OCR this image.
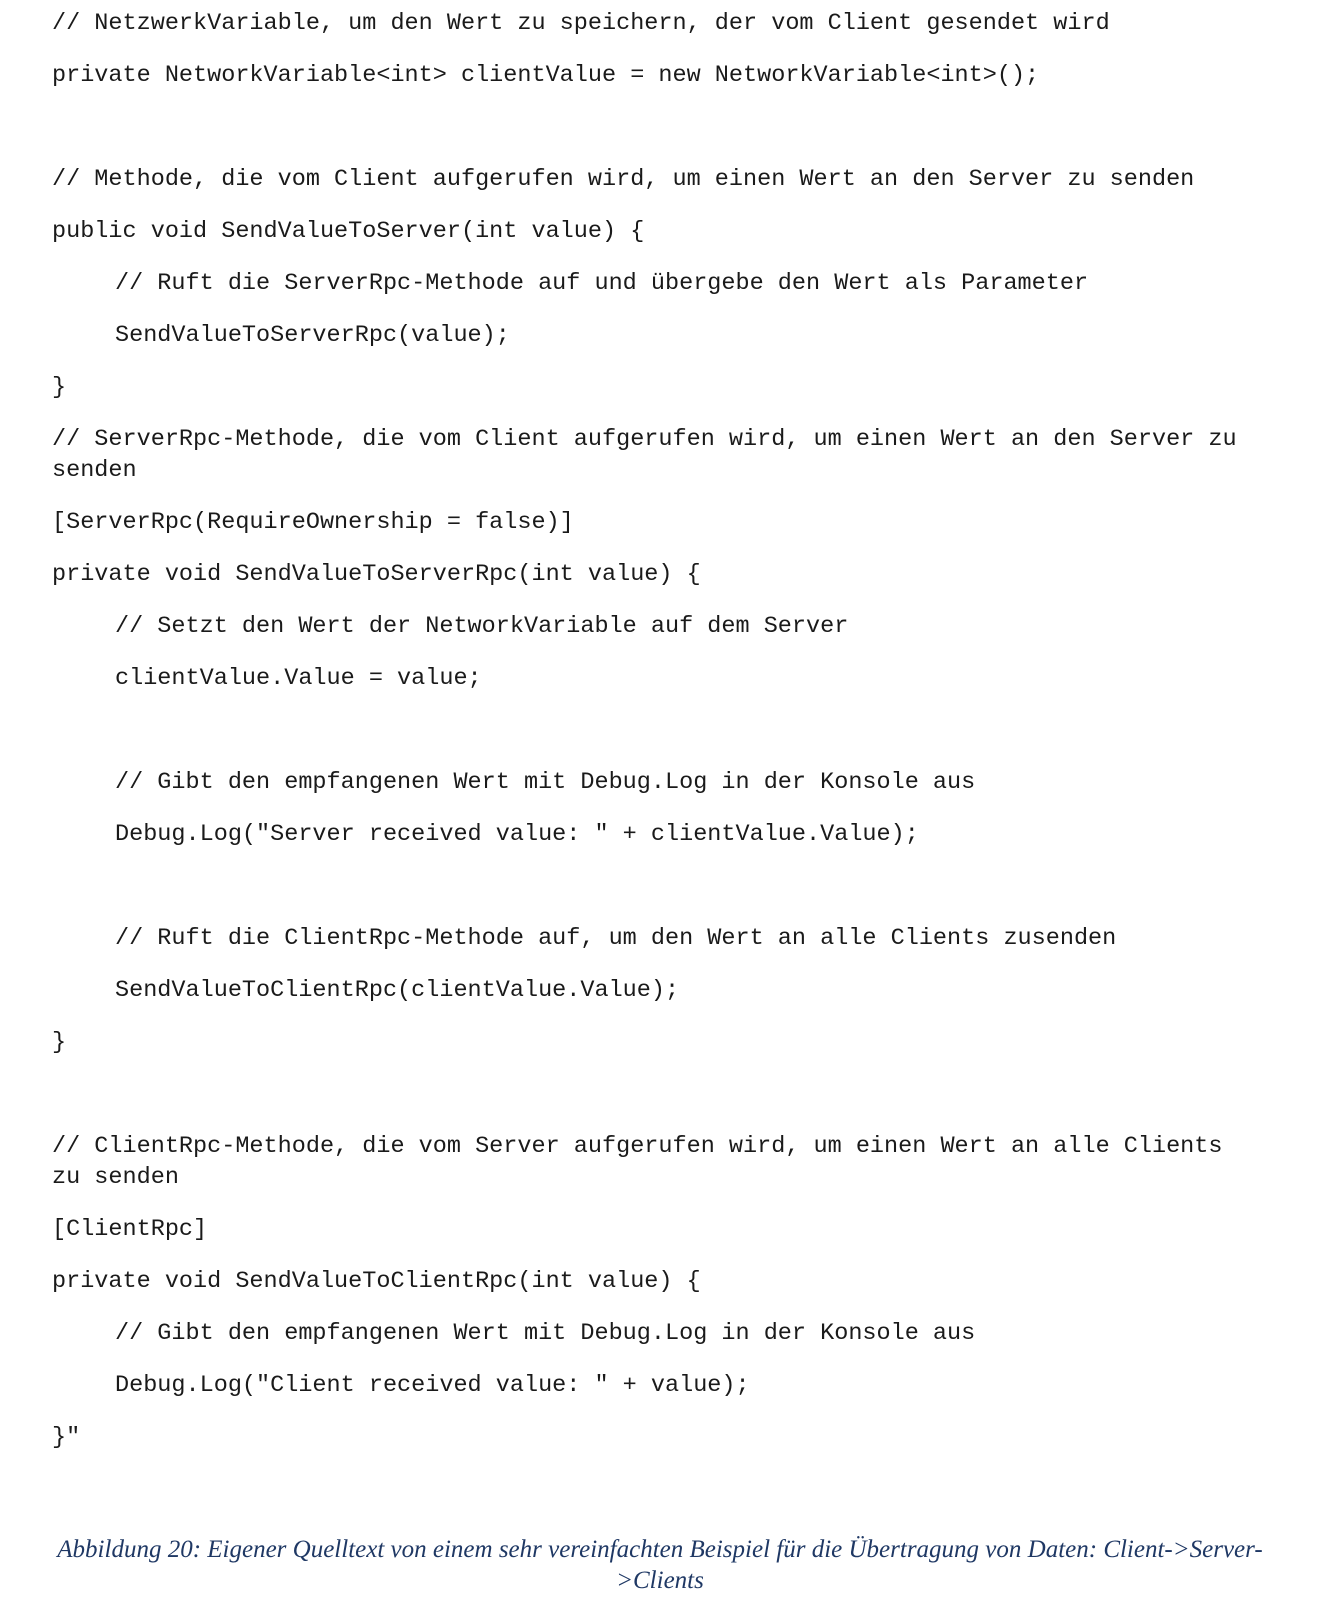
// NetzwerkVariable, um den Wert zu speichern, der vom Client gesendet wird
private NetworkVariable<int> clientValue = new NetworkVariable<int>();
// Methode, die vom Client aufgerufen wird, um einen Wert an den Server zu senden
public void SendValueToServer(int value) {
// Ruft die ServerRpc-Methode auf und übergebe den Wert als Parameter
SendValueToServerRpc(value);
}
// ServerRpc-Methode, die vom Client aufgerufen wird, um einen Wert an den Server zu senden
[ServerRpc(RequireOwnership = false)]
private void SendValueToServerRpc(int value) {
// Setzt den Wert der NetworkVariable auf dem Server
clientValue.Value = value;
// Gibt den empfangenen Wert mit Debug.Log in der Konsole aus
Debug.Log("Server received value: " + clientValue.Value);
// Ruft die ClientRpc-Methode auf, um den Wert an alle Clients zusenden
SendValueToClientRpc(clientValue.Value);
}
// ClientRpc-Methode, die vom Server aufgerufen wird, um einen Wert an alle Clients zu senden
[ClientRpc]
private void SendValueToClientRpc(int value) {
// Gibt den empfangenen Wert mit Debug.Log in der Konsole aus
Debug.Log("Client received value: " + value);
}"
Abbildung 20: Eigener Quelltext von einem sehr vereinfachten Beispiel für die Übertragung von Daten: Client->Server->Clients
